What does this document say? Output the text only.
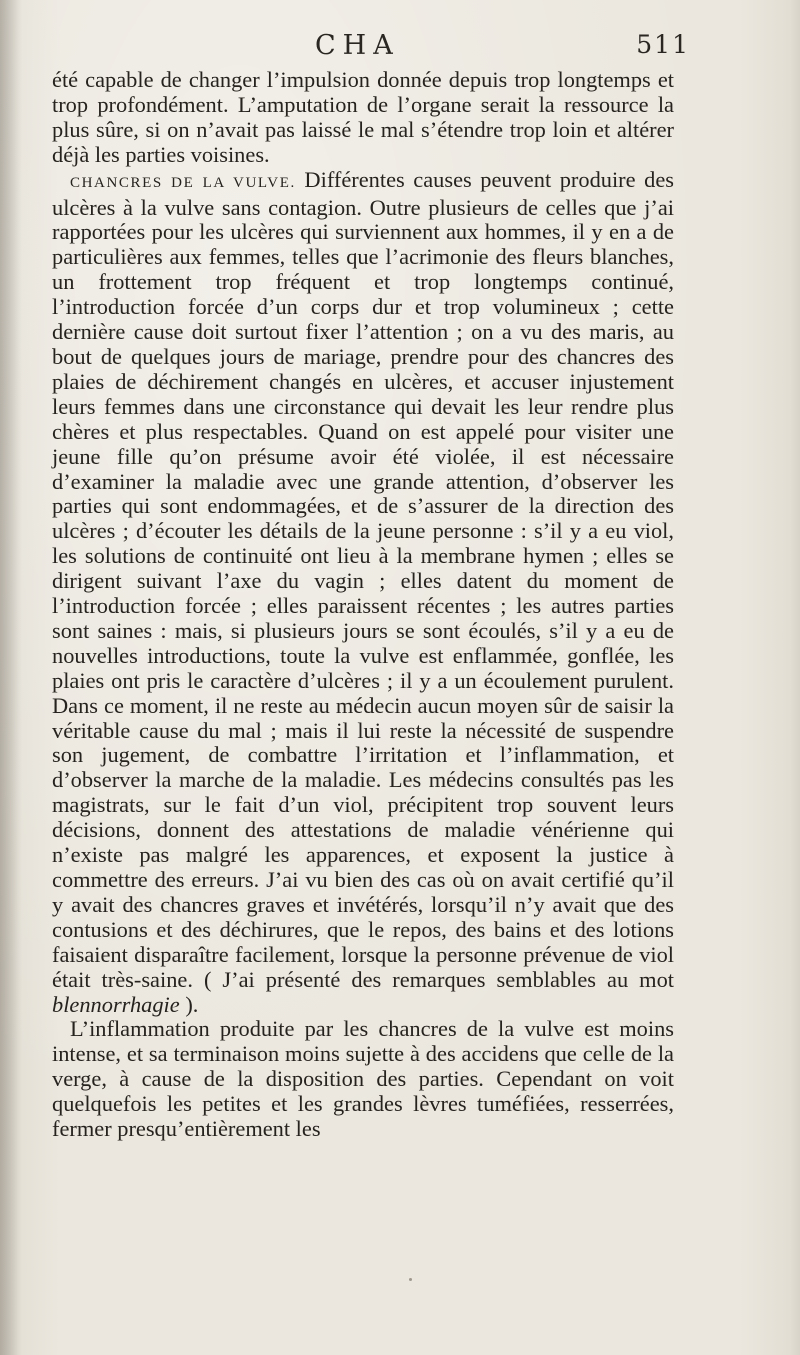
CHA	511

été capable de changer l’impulsion donnée depuis trop longtemps et trop profondément. L’amputation de l’organe serait la ressource la plus sûre, si on n’avait pas laissé le mal s’étendre trop loin et altérer déjà les parties voisines.

CHANCRES DE LA VULVE. Différentes causes peuvent produire des ulcères à la vulve sans contagion. Outre plusieurs de celles que j’ai rapportées pour les ulcères qui surviennent aux hommes, il y en a de particulières aux femmes, telles que l’acrimonie des fleurs blanches, un frottement trop fréquent et trop longtemps continué, l’introduction forcée d’un corps dur et trop volumineux ; cette dernière cause doit surtout fixer l’attention ; on a vu des maris, au bout de quelques jours de mariage, prendre pour des chancres des plaies de déchirement changés en ulcères, et accuser injustement leurs femmes dans une circonstance qui devait les leur rendre plus chères et plus respectables. Quand on est appelé pour visiter une jeune fille qu’on présume avoir été violée, il est nécessaire d’examiner la maladie avec une grande attention, d’observer les parties qui sont endommagées, et de s’assurer de la direction des ulcères ; d’écouter les détails de la jeune personne : s’il y a eu viol, les solutions de continuité ont lieu à la membrane hymen ; elles se dirigent suivant l’axe du vagin ; elles datent du moment de l’introduction forcée ; elles paraissent récentes ; les autres parties sont saines : mais, si plusieurs jours se sont écoulés, s’il y a eu de nouvelles introductions, toute la vulve est enflammée, gonflée, les plaies ont pris le caractère d’ulcères ; il y a un écoulement purulent. Dans ce moment, il ne reste au médecin aucun moyen sûr de saisir la véritable cause du mal ; mais il lui reste la nécessité de suspendre son jugement, de combattre l’irritation et l’inflammation, et d’observer la marche de la maladie. Les médecins consultés pas les magistrats, sur le fait d’un viol, précipitent trop souvent leurs décisions, donnent des attestations de maladie vénérienne qui n’existe pas malgré les apparences, et exposent la justice à commettre des erreurs. J’ai vu bien des cas où on avait certifié qu’il y avait des chancres graves et invétérés, lorsqu’il n’y avait que des contusions et des déchirures, que le repos, des bains et des lotions faisaient disparaître facilement, lorsque la personne prévenue de viol était très-saine. ( J’ai présenté des remarques semblables au mot blennorrhagie ).

L’inflammation produite par les chancres de la vulve est moins intense, et sa terminaison moins sujette à des accidens que celle de la verge, à cause de la disposition des parties. Cependant on voit quelquefois les petites et les grandes lèvres tuméfiées, resserrées, fermer presqu’entièrement les
